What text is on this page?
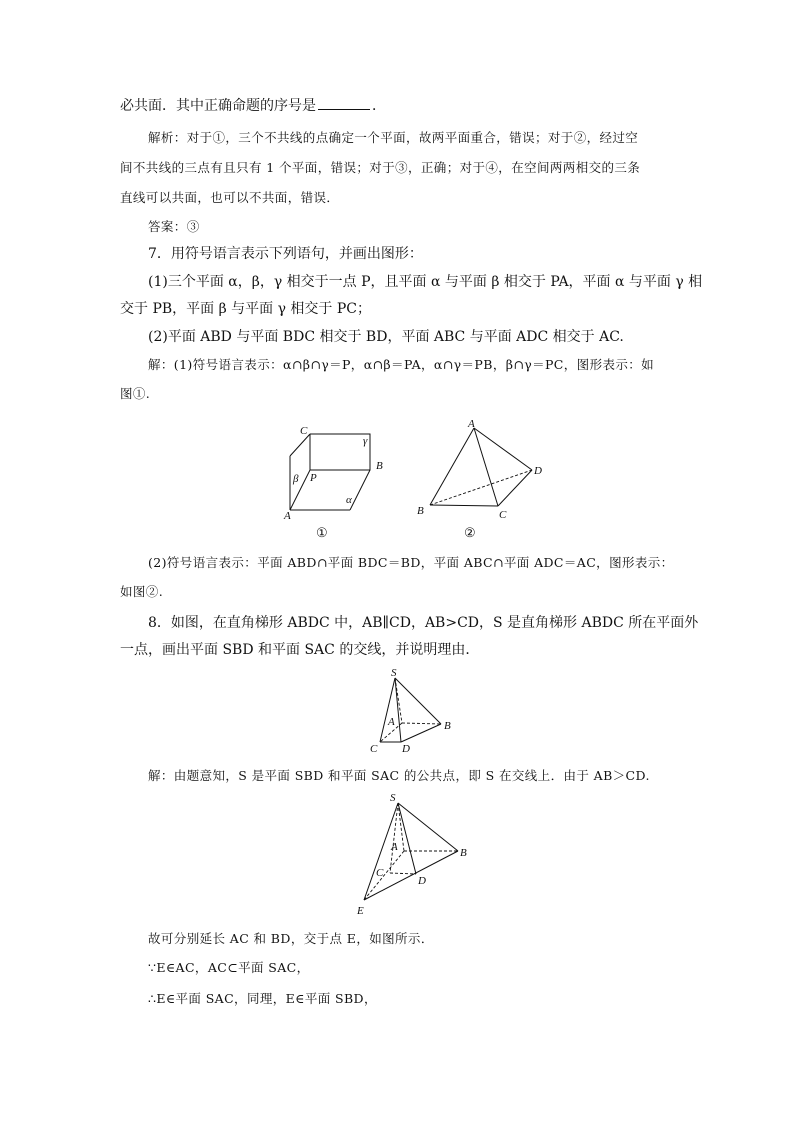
必共面．其中正确命题的序号是	．
解析：对于①，三个不共线的点确定一个平面，故两平面重合，错误；对于②，经过空
间不共线的三点有且只有 1 个平面，错误；对于③，正确；对于④，在空间两两相交的三条
直线可以共面，也可以不共面，错误．
答案：③
7．用符号语言表示下列语句，并画出图形：
(1)三个平面 α，β，γ 相交于一点 P，且平面 α 与平面 β 相交于 PA，平面 α 与平面 γ 相
交于 PB，平面 β 与平面 γ 相交于 PC；
(2)平面 ABD 与平面 BDC 相交于 BD，平面 ABC 与平面 ADC 相交于 AC.
解：(1)符号语言表示：α∩β∩γ＝P，α∩β＝PA，α∩γ＝PB，β∩γ＝PC，图形表示：如
图①.
C
γ
B
β P
α
A
①
A
D
B	C
②
(2)符号语言表示：平面 ABD∩平面 BDC＝BD，平面 ABC∩平面 ADC＝AC，图形表示：
如图②.
8．如图，在直角梯形 ABDC 中，AB∥CD，AB>CD，S 是直角梯形 ABDC 所在平面外
一点，画出平面 SBD 和平面 SAC 的交线，并说明理由．
S
A	B
C D
解：由题意知，S 是平面 SBD 和平面 SAC 的公共点，即 S 在交线上．由于 AB＞CD.
S
A	B
C
D
E
故可分别延长 AC 和 BD，交于点 E，如图所示．
∵E∈AC，AC⊂平面 SAC，
∴E∈平面 SAC，同理，E∈平面 SBD，
